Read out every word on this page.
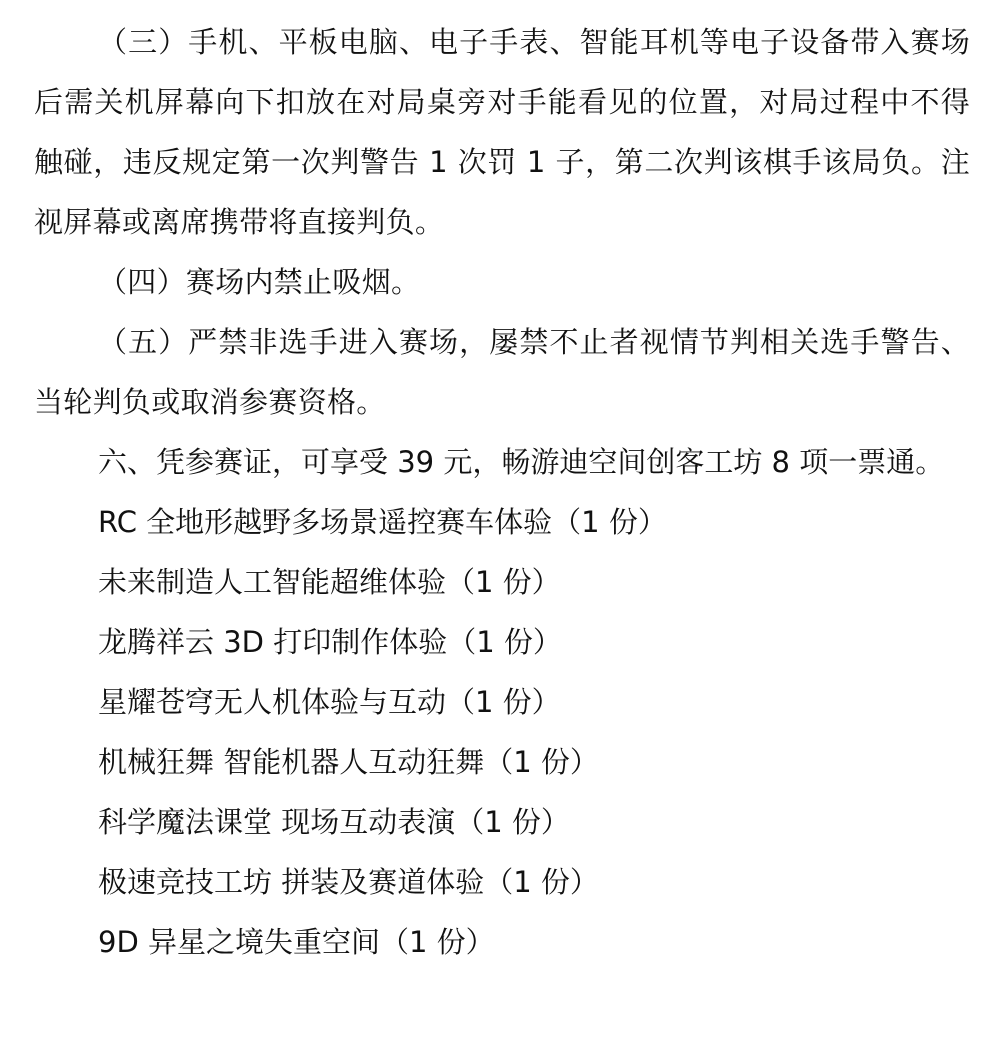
（三）手机、平板电脑、电子手表、智能耳机等电子设备带入赛场后需关机屏幕向下扣放在对局桌旁对手能看见的位置，对局过程中不得触碰，违反规定第一次判警告 1 次罚 1 子，第二次判该棋手该局负。注视屏幕或离席携带将直接判负。

（四）赛场内禁止吸烟。

（五）严禁非选手进入赛场，屡禁不止者视情节判相关选手警告、当轮判负或取消参赛资格。

六、凭参赛证，可享受 39 元，畅游迪空间创客工坊 8 项一票通。

RC 全地形越野多场景遥控赛车体验（1 份）

未来制造人工智能超维体验（1 份）

龙腾祥云 3D 打印制作体验（1 份）

星耀苍穹无人机体验与互动（1 份）

机械狂舞 智能机器人互动狂舞（1 份）

科学魔法课堂 现场互动表演（1 份）

极速竞技工坊 拼装及赛道体验（1 份）

9D 异星之境失重空间（1 份）
